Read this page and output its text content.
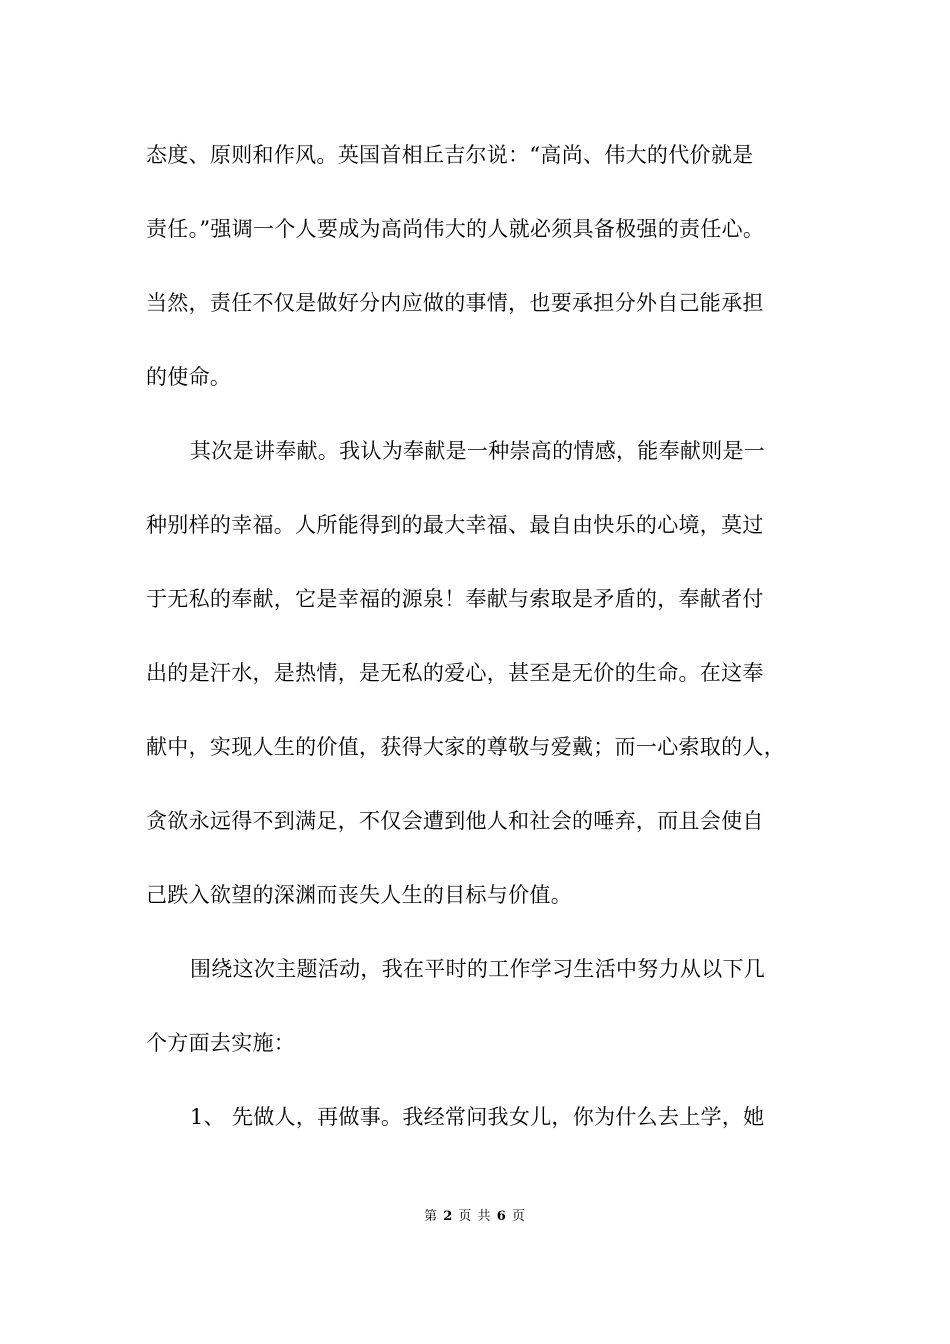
态度、原则和作风。英国首相丘吉尔说：“高尚、伟大的代价就是
责任。”强调一个人要成为高尚伟大的人就必须具备极强的责任心。
当然，责任不仅是做好分内应做的事情，也要承担分外自己能承担
的使命。
其次是讲奉献。我认为奉献是一种崇高的情感，能奉献则是一
种别样的幸福。人所能得到的最大幸福、最自由快乐的心境，莫过
于无私的奉献，它是幸福的源泉！奉献与索取是矛盾的，奉献者付
出的是汗水，是热情，是无私的爱心，甚至是无价的生命。在这奉
献中，实现人生的价值，获得大家的尊敬与爱戴；而一心索取的人，
贪欲永远得不到满足，不仅会遭到他人和社会的唾弃，而且会使自
己跌入欲望的深渊而丧失人生的目标与价值。
围绕这次主题活动，我在平时的工作学习生活中努力从以下几
个方面去实施：
1、 先做人，再做事。我经常问我女儿，你为什么去上学，她
第 2 页 共 6 页
